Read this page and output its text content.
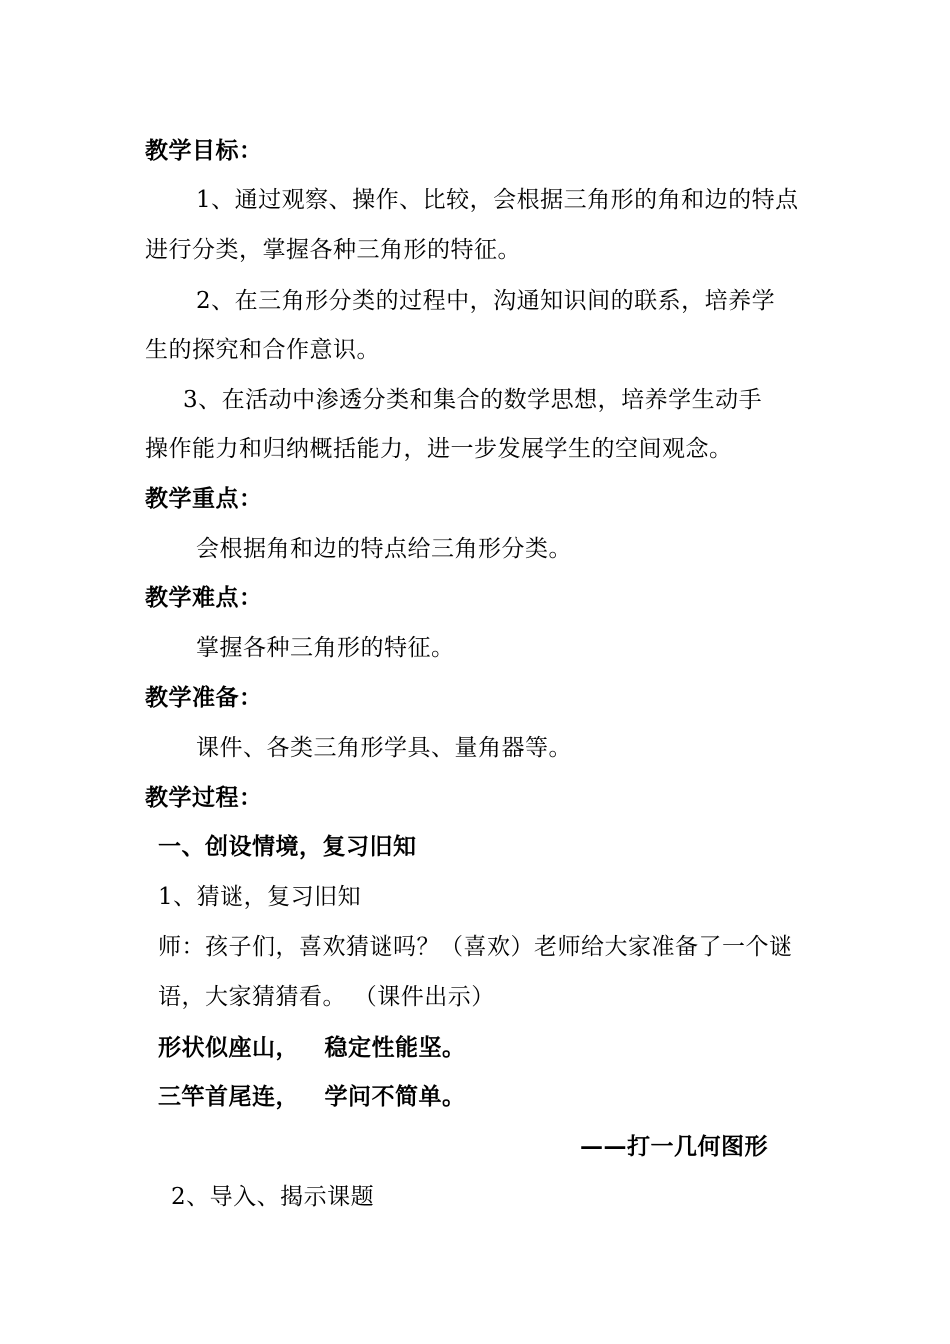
教学目标：
1、通过观察、操作、比较，会根据三角形的角和边的特点
进行分类，掌握各种三角形的特征。
2、在三角形分类的过程中，沟通知识间的联系，培养学
生的探究和合作意识。
3、在活动中渗透分类和集合的数学思想，培养学生动手
操作能力和归纳概括能力，进一步发展学生的空间观念。
教学重点：
会根据角和边的特点给三角形分类。
教学难点：
掌握各种三角形的特征。
教学准备：
课件、各类三角形学具、量角器等。
教学过程：
一、创设情境，复习旧知
1、猜谜，复习旧知
师：孩子们，喜欢猜谜吗？（喜欢）老师给大家准备了一个谜
语，大家猜猜看。 （课件出示）
形状似座山，   稳定性能坚。
三竿首尾连，   学问不简单。
——打一几何图形
2、导入、揭示课题
